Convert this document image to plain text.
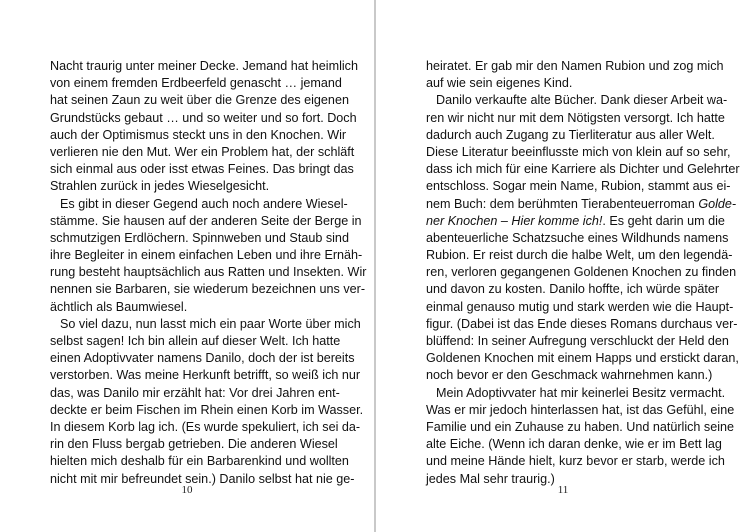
Nacht traurig unter meiner Decke. Jemand hat heimlich
von einem fremden Erdbeerfeld genascht … jemand
hat seinen Zaun zu weit über die Grenze des eigenen
Grundstücks gebaut … und so weiter und so fort. Doch
auch der Optimismus steckt uns in den Knochen. Wir
verlieren nie den Mut. Wer ein Problem hat, der schläft
sich einmal aus oder isst etwas Feines. Das bringt das
Strahlen zurück in jedes Wieselgesicht.
Es gibt in dieser Gegend auch noch andere Wiesel-
stämme. Sie hausen auf der anderen Seite der Berge in
schmutzigen Erdlöchern. Spinnweben und Staub sind
ihre Begleiter in einem einfachen Leben und ihre Ernäh-
rung besteht hauptsächlich aus Ratten und Insekten. Wir
nennen sie Barbaren, sie wiederum bezeichnen uns ver-
ächtlich als Baumwiesel.
So viel dazu, nun lasst mich ein paar Worte über mich
selbst sagen! Ich bin allein auf dieser Welt. Ich hatte
einen Adoptivvater namens Danilo, doch der ist bereits
verstorben. Was meine Herkunft betrifft, so weiß ich nur
das, was Danilo mir erzählt hat: Vor drei Jahren ent-
deckte er beim Fischen im Rhein einen Korb im Wasser.
In diesem Korb lag ich. (Es wurde spekuliert, ich sei da-
rin den Fluss bergab getrieben. Die anderen Wiesel
hielten mich deshalb für ein Barbarenkind und wollten
nicht mit mir befreundet sein.) Danilo selbst hat nie ge-
10
heiratet. Er gab mir den Namen Rubion und zog mich
auf wie sein eigenes Kind.
Danilo verkaufte alte Bücher. Dank dieser Arbeit wa-
ren wir nicht nur mit dem Nötigsten versorgt. Ich hatte
dadurch auch Zugang zu Tierliteratur aus aller Welt.
Diese Literatur beeinflusste mich von klein auf so sehr,
dass ich mich für eine Karriere als Dichter und Gelehrter
entschloss. Sogar mein Name, Rubion, stammt aus ei-
nem Buch: dem berühmten Tierabenteuerroman Golde-
ner Knochen – Hier komme ich!. Es geht darin um die
abenteuerliche Schatzsuche eines Wildhunds namens
Rubion. Er reist durch die halbe Welt, um den legendä-
ren, verloren gegangenen Goldenen Knochen zu finden
und davon zu kosten. Danilo hoffte, ich würde später
einmal genauso mutig und stark werden wie die Haupt-
figur. (Dabei ist das Ende dieses Romans durchaus ver-
blüffend: In seiner Aufregung verschluckt der Held den
Goldenen Knochen mit einem Happs und erstickt daran,
noch bevor er den Geschmack wahrnehmen kann.)
Mein Adoptivvater hat mir keinerlei Besitz vermacht.
Was er mir jedoch hinterlassen hat, ist das Gefühl, eine
Familie und ein Zuhause zu haben. Und natürlich seine
alte Eiche. (Wenn ich daran denke, wie er im Bett lag
und meine Hände hielt, kurz bevor er starb, werde ich
jedes Mal sehr traurig.)
11
